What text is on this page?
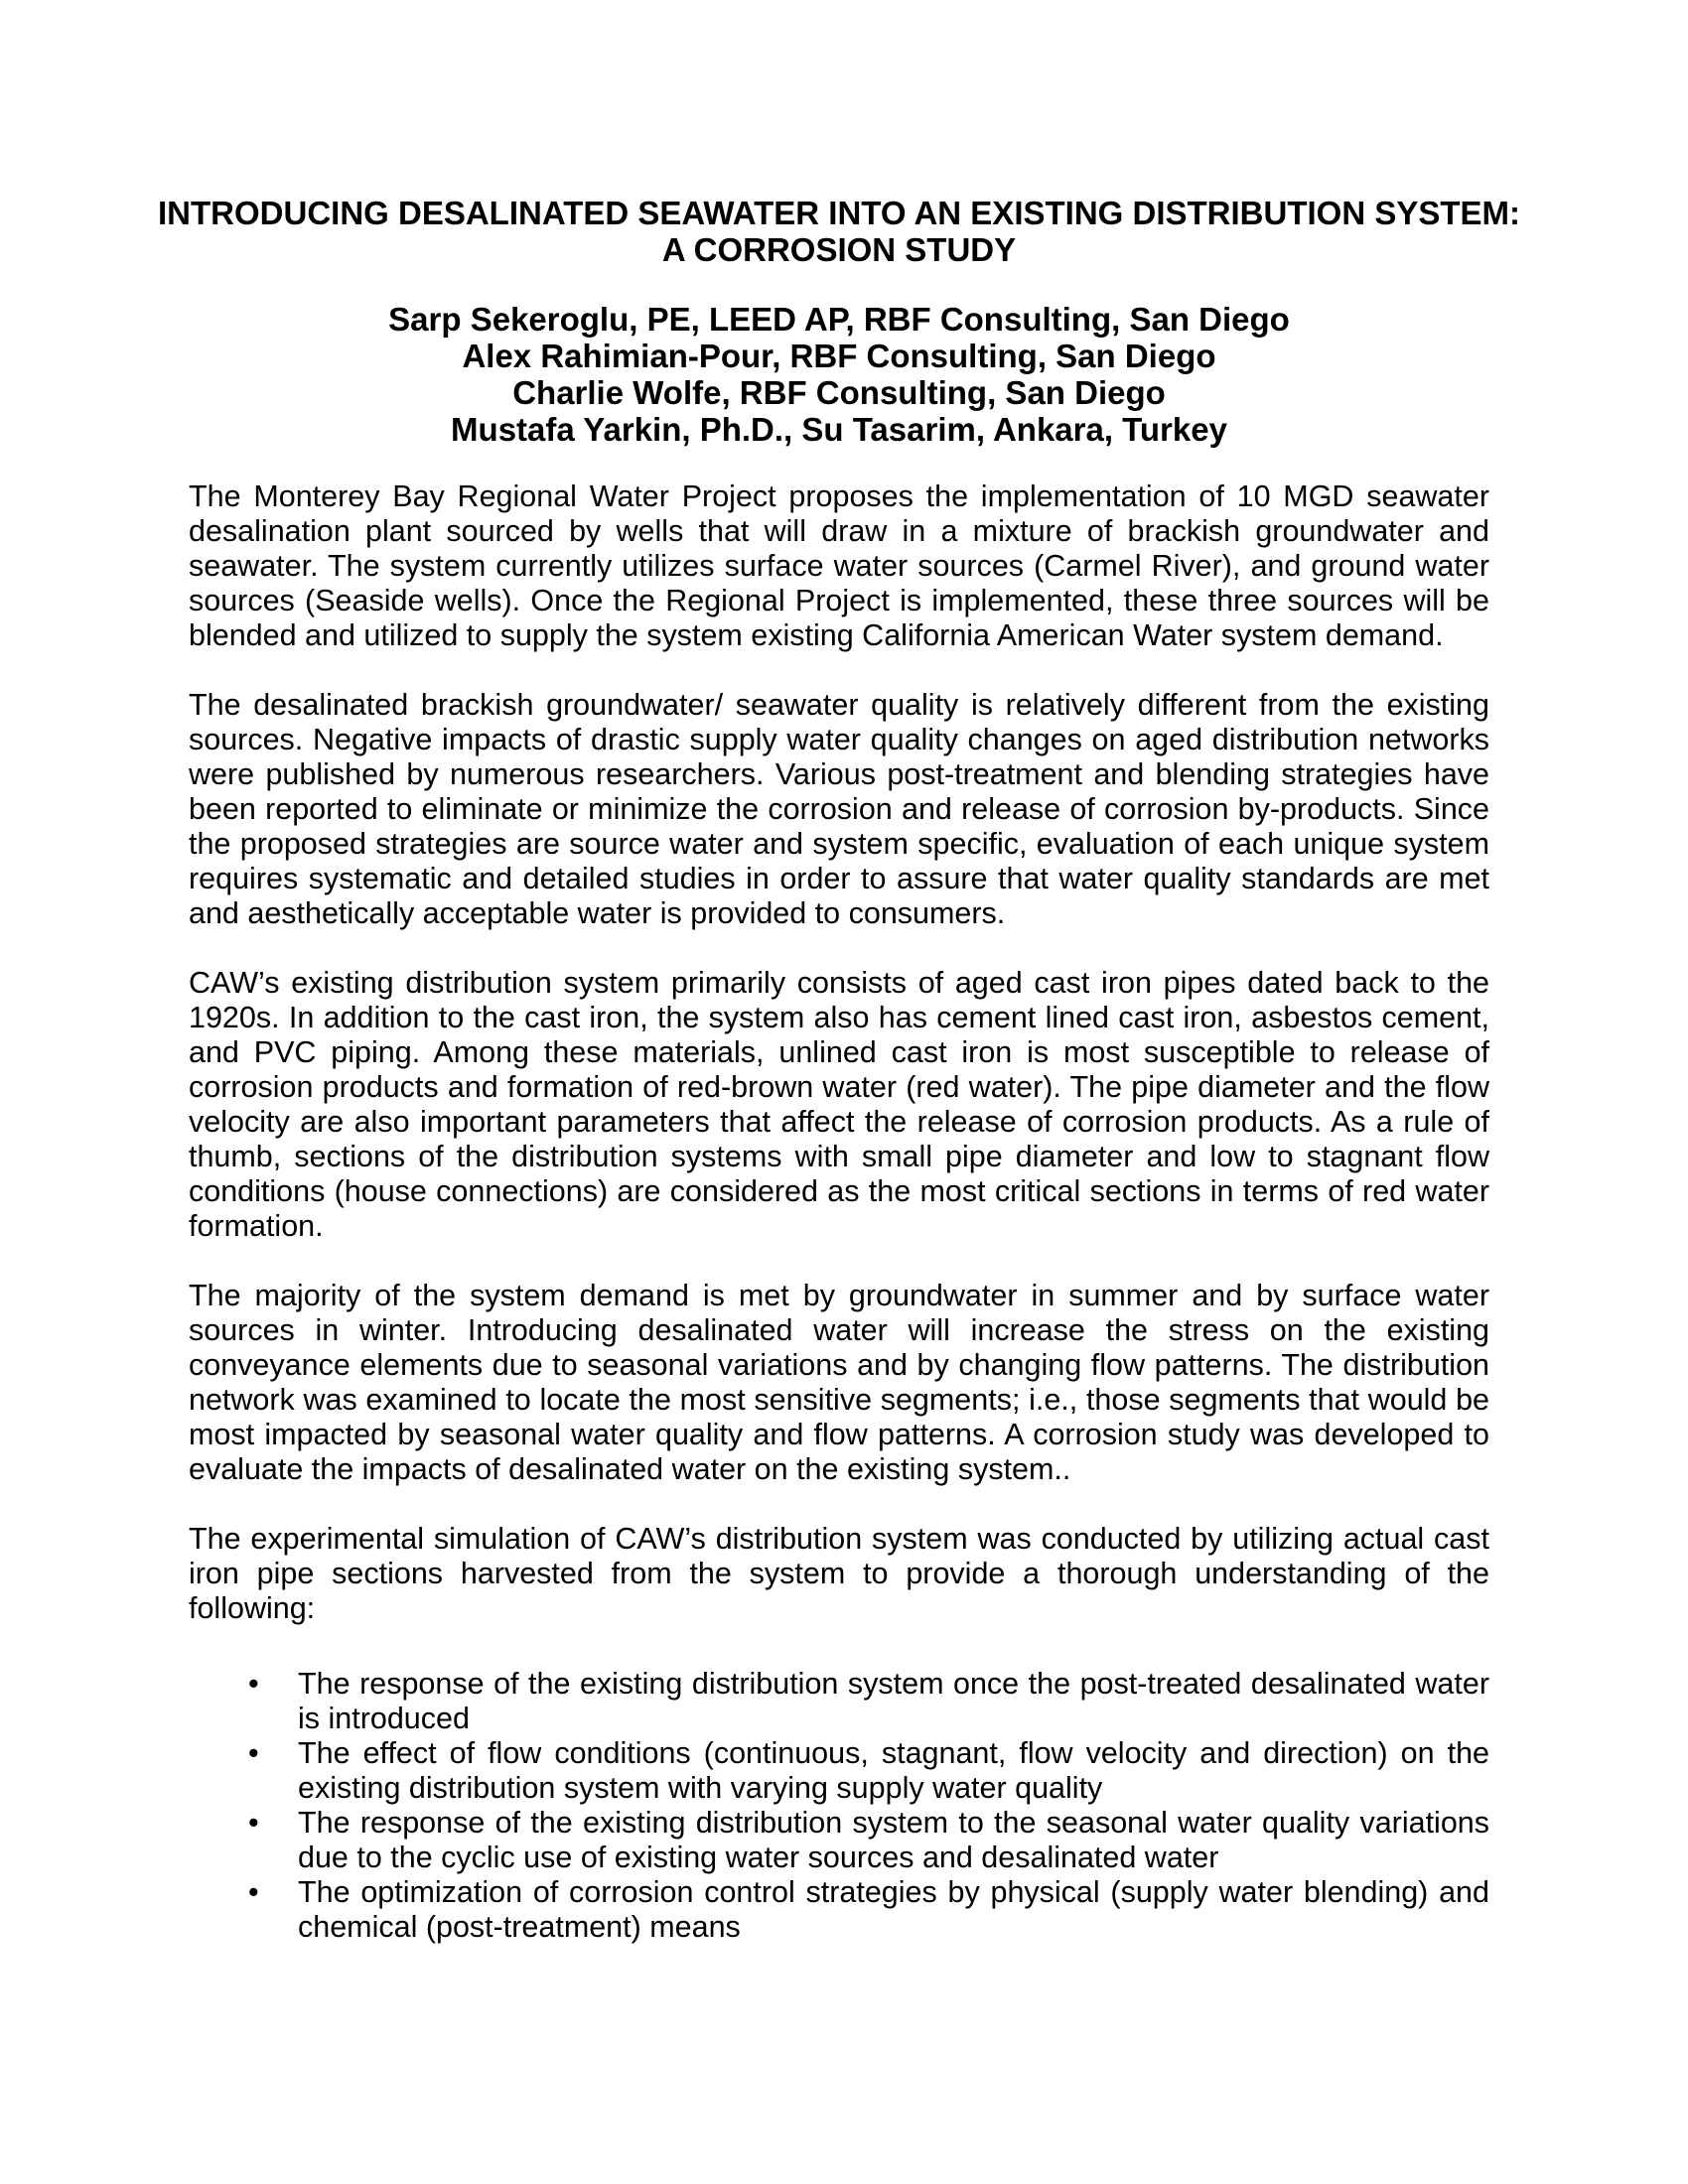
INTRODUCING DESALINATED SEAWATER INTO AN EXISTING DISTRIBUTION SYSTEM:
A CORROSION STUDY
Sarp Sekeroglu, PE, LEED AP, RBF Consulting, San Diego
Alex Rahimian-Pour, RBF Consulting, San Diego
Charlie Wolfe, RBF Consulting, San Diego
Mustafa Yarkin, Ph.D., Su Tasarim, Ankara, Turkey

The Monterey Bay Regional Water Project proposes the implementation of 10 MGD seawater desalination plant sourced by wells that will draw in a mixture of brackish groundwater and seawater. The system currently utilizes surface water sources (Carmel River), and ground water sources (Seaside wells). Once the Regional Project is implemented, these three sources will be blended and utilized to supply the system existing California American Water system demand.

The desalinated brackish groundwater/ seawater quality is relatively different from the existing sources. Negative impacts of drastic supply water quality changes on aged distribution networks were published by numerous researchers. Various post-treatment and blending strategies have been reported to eliminate or minimize the corrosion and release of corrosion by-products. Since the proposed strategies are source water and system specific, evaluation of each unique system requires systematic and detailed studies in order to assure that water quality standards are met and aesthetically acceptable water is provided to consumers.

CAW’s existing distribution system primarily consists of aged cast iron pipes dated back to the 1920s. In addition to the cast iron, the system also has cement lined cast iron, asbestos cement, and PVC piping. Among these materials, unlined cast iron is most susceptible to release of corrosion products and formation of red-brown water (red water). The pipe diameter and the flow velocity are also important parameters that affect the release of corrosion products. As a rule of thumb, sections of the distribution systems with small pipe diameter and low to stagnant flow conditions (house connections) are considered as the most critical sections in terms of red water formation.

The majority of the system demand is met by groundwater in summer and by surface water sources in winter. Introducing desalinated water will increase the stress on the existing conveyance elements due to seasonal variations and by changing flow patterns. The distribution network was examined to locate the most sensitive segments; i.e., those segments that would be most impacted by seasonal water quality and flow patterns. A corrosion study was developed to evaluate the impacts of desalinated water on the existing system..

The experimental simulation of CAW’s distribution system was conducted by utilizing actual cast iron pipe sections harvested from the system to provide a thorough understanding of the following:

• The response of the existing distribution system once the post-treated desalinated water is introduced
• The effect of flow conditions (continuous, stagnant, flow velocity and direction) on the existing distribution system with varying supply water quality
• The response of the existing distribution system to the seasonal water quality variations due to the cyclic use of existing water sources and desalinated water
• The optimization of corrosion control strategies by physical (supply water blending) and chemical (post-treatment) means
